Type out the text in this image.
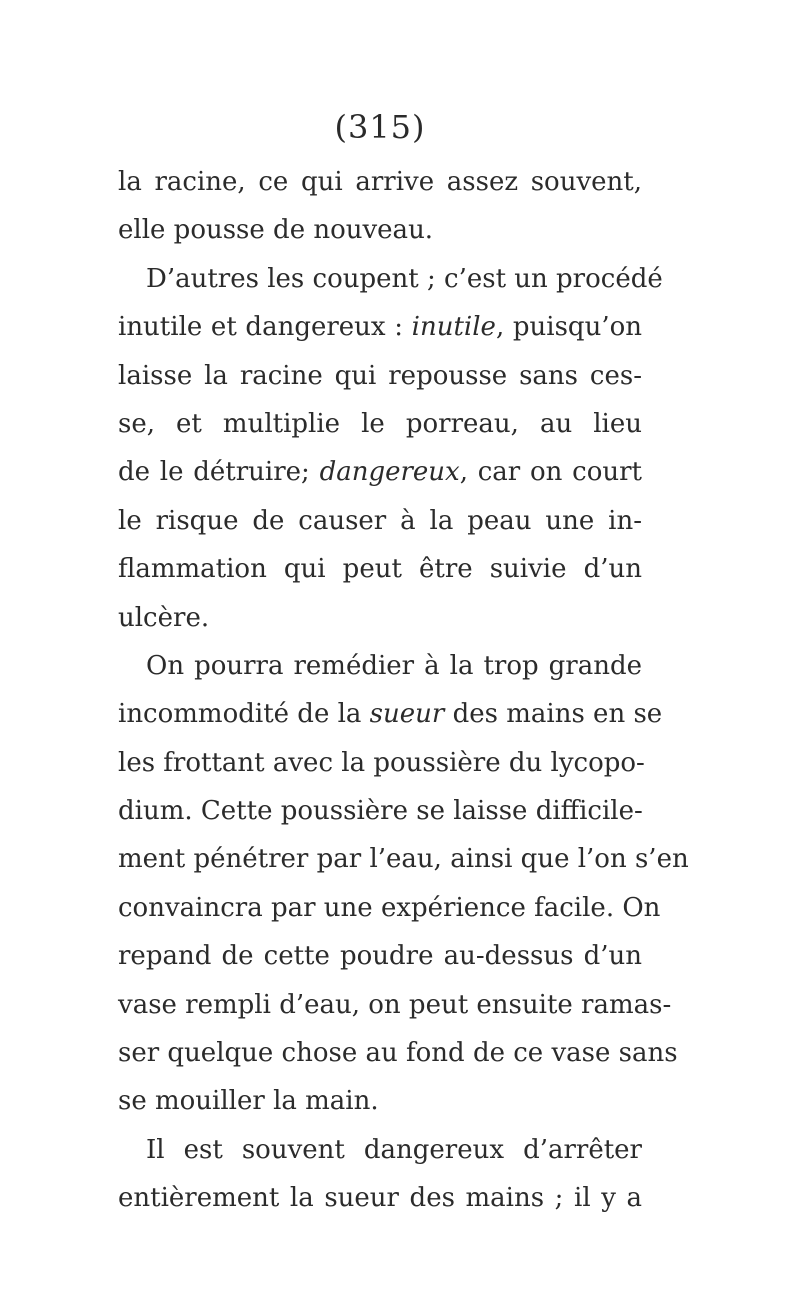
(315)
la racine, ce qui arrive assez souvent,
elle pousse de nouveau.
D’autres les coupent ; c’est un procédé
inutile et dangereux : inutile, puisqu’on
laisse la racine qui repousse sans ces-
se, et multiplie le porreau, au lieu
de le détruire; dangereux, car on court
le risque de causer à la peau une in-
flammation qui peut être suivie d’un
ulcère.
On pourra remédier à la trop grande
incommodité de la sueur des mains en se
les frottant avec la poussière du lycopo-
dium. Cette poussière se laisse difficile-
ment pénétrer par l’eau, ainsi que l’on s’en
convaincra par une expérience facile. On
repand de cette poudre au-dessus d’un
vase rempli d’eau, on peut ensuite ramas-
ser quelque chose au fond de ce vase sans
se mouiller la main.
Il est souvent dangereux d’arrêter
entièrement la sueur des mains ; il y a
